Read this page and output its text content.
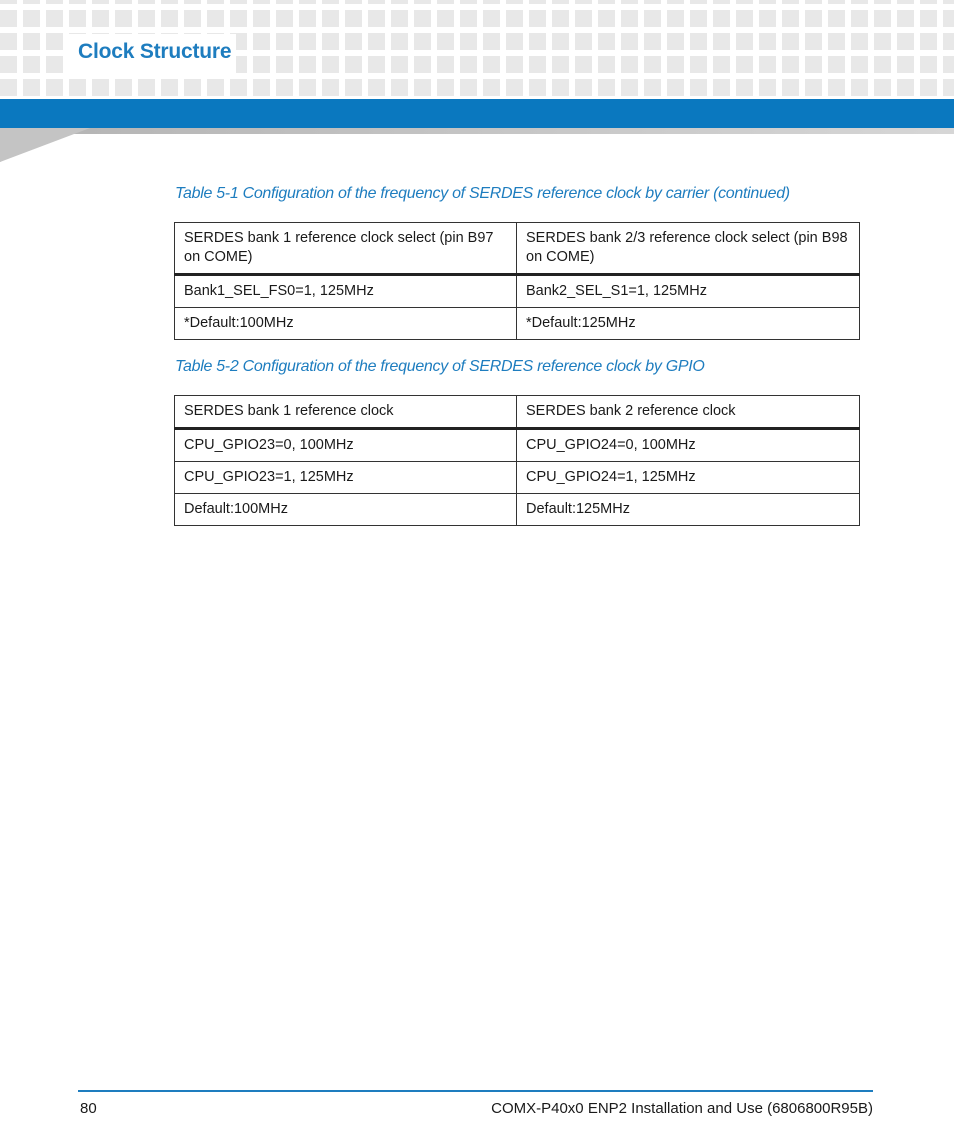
Clock Structure

Table 5-1 Configuration of the frequency of SERDES reference clock by carrier (continued)

SERDES bank 1 reference clock select (pin B97 on COME)	SERDES bank 2/3 reference clock select (pin B98 on COME)
Bank1_SEL_FS0=1, 125MHz	Bank2_SEL_S1=1, 125MHz
*Default:100MHz	*Default:125MHz

Table 5-2 Configuration of the frequency of SERDES reference clock by GPIO

SERDES bank 1 reference clock	SERDES bank 2 reference clock
CPU_GPIO23=0, 100MHz	CPU_GPIO24=0, 100MHz
CPU_GPIO23=1, 125MHz	CPU_GPIO24=1, 125MHz
Default:100MHz	Default:125MHz

80	COMX-P40x0 ENP2 Installation and Use (6806800R95B)
